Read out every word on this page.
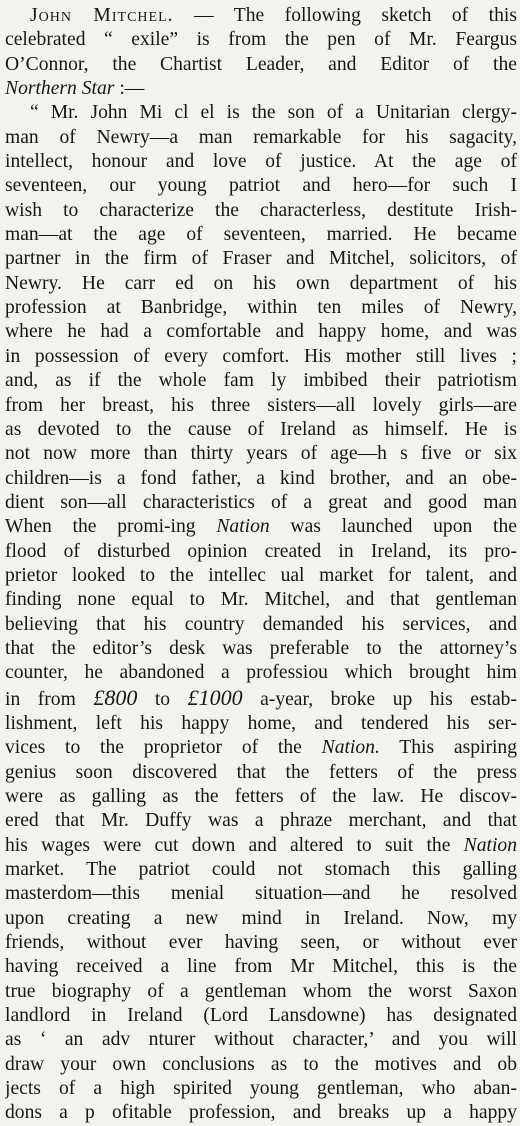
John Mitchel. — The following sketch of this
celebrated “ exile” is from the pen of Mr. Feargus
O’Connor, the Chartist Leader, and Editor of the
Northern Star :—

“ Mr. John Mi cl el is the son of a Unitarian clergy-
man of Newry—a man remarkable for his sagacity,
intellect, honour and love of justice. At the age of
seventeen, our young patriot and hero—for such I
wish to characterize the characterless, destitute Irish-
man—at the age of seventeen, married. He became
partner in the firm of Fraser and Mitchel, solicitors, of
Newry. He carr ed on his own department of his
profession at Banbridge, within ten miles of Newry,
where he had a comfortable and happy home, and was
in possession of every comfort. His mother still lives ;
and, as if the whole fam ly imbibed their patriotism
from her breast, his three sisters—all lovely girls—are
as devoted to the cause of Ireland as himself. He is
not now more than thirty years of age—h s five or six
children—is a fond father, a kind brother, and an obe-
dient son—all characteristics of a great and good man
When the promi-ing Nation was launched upon the
flood of disturbed opinion created in Ireland, its pro-
prietor looked to the intellec ual market for talent, and
finding none equal to Mr. Mitchel, and that gentleman
believing that his country demanded his services, and
that the editor’s desk was preferable to the attorney’s
counter, he abandoned a professiou which brought him
in from £800 to £1000 a-year, broke up his estab-
lishment, left his happy home, and tendered his ser-
vices to the proprietor of the Nation. This aspiring
genius soon discovered that the fetters of the press
were as galling as the fetters of the law. He discov-
ered that Mr. Duffy was a phraze merchant, and that
his wages were cut down and altered to suit the Nation
market. The patriot could not stomach this galling
masterdom—this menial situation—and he resolved
upon creating a new mind in Ireland. Now, my
friends, without ever having seen, or without ever
having received a line from Mr Mitchel, this is the
true biography of a gentleman whom the worst Saxon
landlord in Ireland (Lord Lansdowne) has designated
as ‘ an adv nturer without character,’ and you will
draw your own conclusions as to the motives and ob
jects of a high spirited young gentleman, who aban-
dons a p ofitable profession, and breaks up a happy
